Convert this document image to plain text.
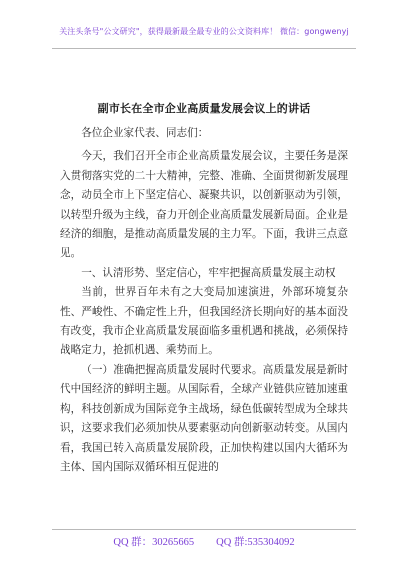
关注头条号"公文研究"，获得最新最全最专业的公文资料库！ 微信：gongwenyj
副市长在全市企业高质量发展会议上的讲话

各位企业家代表、同志们：

今天，我们召开全市企业高质量发展会议，主要任务是深入贯彻落实党的二十大精神，完整、准确、全面贯彻新发展理念，动员全市上下坚定信心、凝聚共识，以创新驱动为引领，以转型升级为主线，奋力开创企业高质量发展新局面。企业是经济的细胞，是推动高质量发展的主力军。下面，我讲三点意见。

一、认清形势、坚定信心，牢牢把握高质量发展主动权

当前，世界百年未有之大变局加速演进，外部环境复杂性、严峻性、不确定性上升，但我国经济长期向好的基本面没有改变，我市企业高质量发展面临多重机遇和挑战，必须保持战略定力，抢抓机遇、乘势而上。

（一）准确把握高质量发展时代要求。高质量发展是新时代中国经济的鲜明主题。从国际看，全球产业链供应链加速重构，科技创新成为国际竞争主战场，绿色低碳转型成为全球共识，这要求我们必须加快从要素驱动向创新驱动转变。从国内看，我国已转入高质量发展阶段，正加快构建以国内大循环为主体、国内国际双循环相互促进的

QQ 群：30265665 QQ 群:535304092
